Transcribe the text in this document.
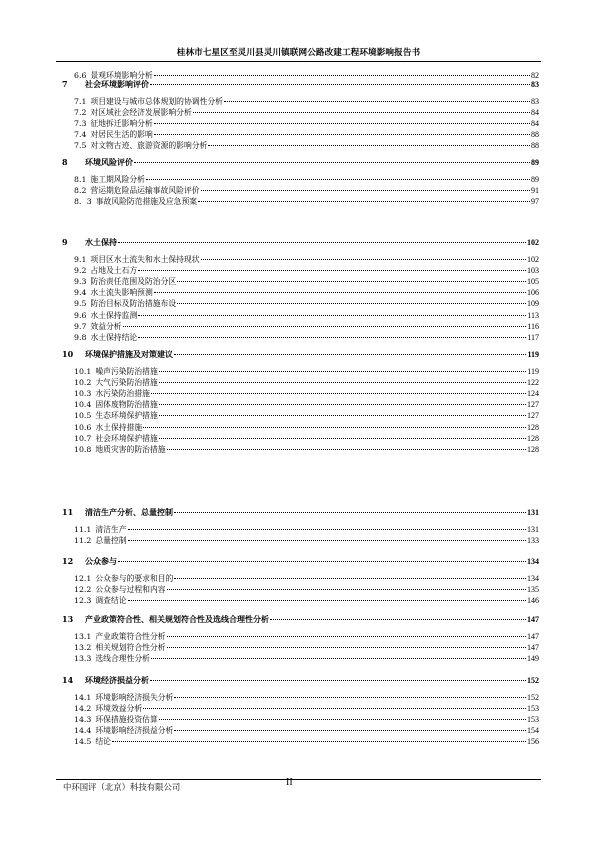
桂林市七星区至灵川县灵川镇联网公路改建工程环境影响报告书
6.6 景观环境影响分析	82
7	社会环境影响评价	83
7.1 项目建设与城市总体规划的协调性分析	83
7.2 对区域社会经济发展影响分析	84
7.3 征地拆迁影响分析	84
7.4 对居民生活的影响	88
7.5 对文物古迹、旅游资源的影响分析	88
8	环境风险评价	89
8.1 施工期风险分析	89
8.2 营运期危险品运输事故风险评价	91
8．3 事故风险防范措施及应急预案	97
9	水土保持	102
9.1 项目区水土流失和水土保持现状	102
9.2 占地及土石方	103
9.3 防治责任范围及防治分区	105
9.4 水土流失影响预测	106
9.5 防治目标及防治措施布设	109
9.6 水土保持监测	113
9.7 效益分析	116
9.8 水土保持结论	117
10	环境保护措施及对策建议	119
10.1 噪声污染防治措施	119
10.2 大气污染防治措施	122
10.3 水污染防治措施	124
10.4 固体废物防治措施	127
10.5 生态环境保护措施	127
10.6 水土保持措施	128
10.7 社会环境保护措施	128
10.8 地质灾害的防治措施	128
11	清洁生产分析、总量控制	131
11.1 清洁生产	131
11.2 总量控制	133
12	公众参与	134
12.1 公众参与的要求和目的	134
12.2 公众参与过程和内容	135
12.3 调查结论	146
13	产业政策符合性、相关规划符合性及选线合理性分析	147
13.1 产业政策符合性分析	147
13.2 相关规划符合性分析	147
13.3 选线合理性分析	149
14	环境经济损益分析	152
14.1 环境影响经济损失分析	152
14.2 环境效益分析	153
14.3 环保措施投资估算	153
14.4 环境影响经济损益分析	154
14.5 结论	156
中环国评（北京）科技有限公司	II
